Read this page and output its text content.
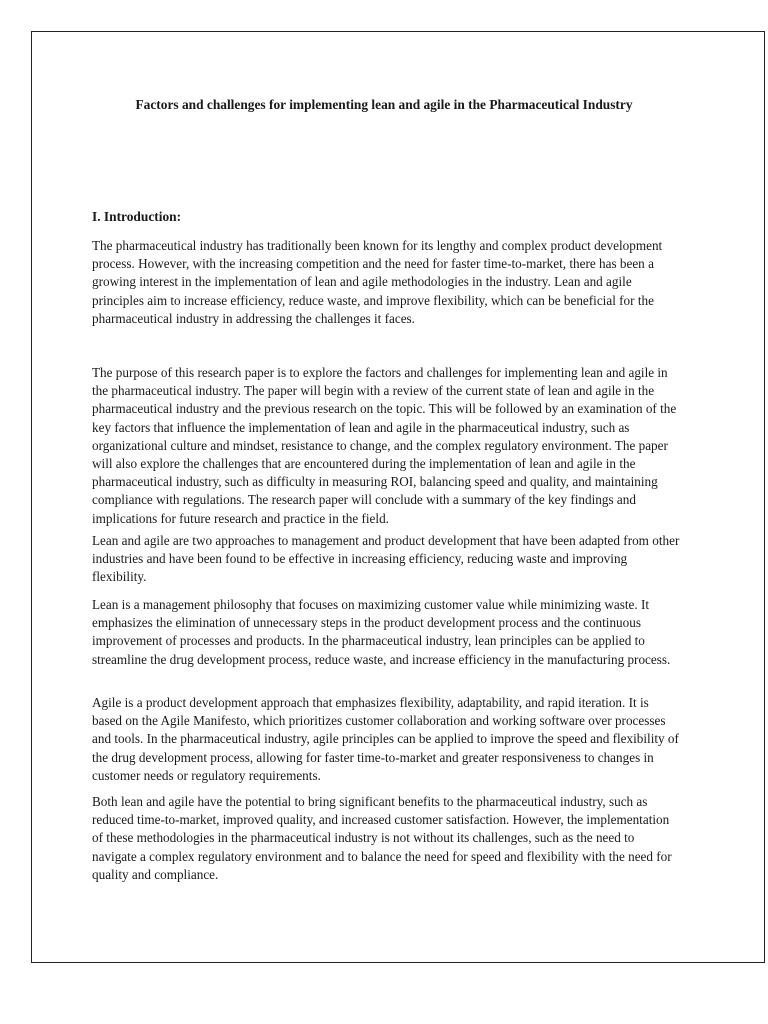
Factors and challenges for implementing lean and agile in the Pharmaceutical Industry
I. Introduction:

The pharmaceutical industry has traditionally been known for its lengthy and complex product development process. However, with the increasing competition and the need for faster time-to-market, there has been a growing interest in the implementation of lean and agile methodologies in the industry. Lean and agile principles aim to increase efficiency, reduce waste, and improve flexibility, which can be beneficial for the pharmaceutical industry in addressing the challenges it faces.

The purpose of this research paper is to explore the factors and challenges for implementing lean and agile in the pharmaceutical industry. The paper will begin with a review of the current state of lean and agile in the pharmaceutical industry and the previous research on the topic. This will be followed by an examination of the key factors that influence the implementation of lean and agile in the pharmaceutical industry, such as organizational culture and mindset, resistance to change, and the complex regulatory environment. The paper will also explore the challenges that are encountered during the implementation of lean and agile in the pharmaceutical industry, such as difficulty in measuring ROI, balancing speed and quality, and maintaining compliance with regulations. The research paper will conclude with a summary of the key findings and implications for future research and practice in the field.

Lean and agile are two approaches to management and product development that have been adapted from other industries and have been found to be effective in increasing efficiency, reducing waste and improving flexibility.

Lean is a management philosophy that focuses on maximizing customer value while minimizing waste. It emphasizes the elimination of unnecessary steps in the product development process and the continuous improvement of processes and products. In the pharmaceutical industry, lean principles can be applied to streamline the drug development process, reduce waste, and increase efficiency in the manufacturing process.

Agile is a product development approach that emphasizes flexibility, adaptability, and rapid iteration. It is based on the Agile Manifesto, which prioritizes customer collaboration and working software over processes and tools. In the pharmaceutical industry, agile principles can be applied to improve the speed and flexibility of the drug development process, allowing for faster time-to-market and greater responsiveness to changes in customer needs or regulatory requirements.

Both lean and agile have the potential to bring significant benefits to the pharmaceutical industry, such as reduced time-to-market, improved quality, and increased customer satisfaction. However, the implementation of these methodologies in the pharmaceutical industry is not without its challenges, such as the need to navigate a complex regulatory environment and to balance the need for speed and flexibility with the need for quality and compliance.
